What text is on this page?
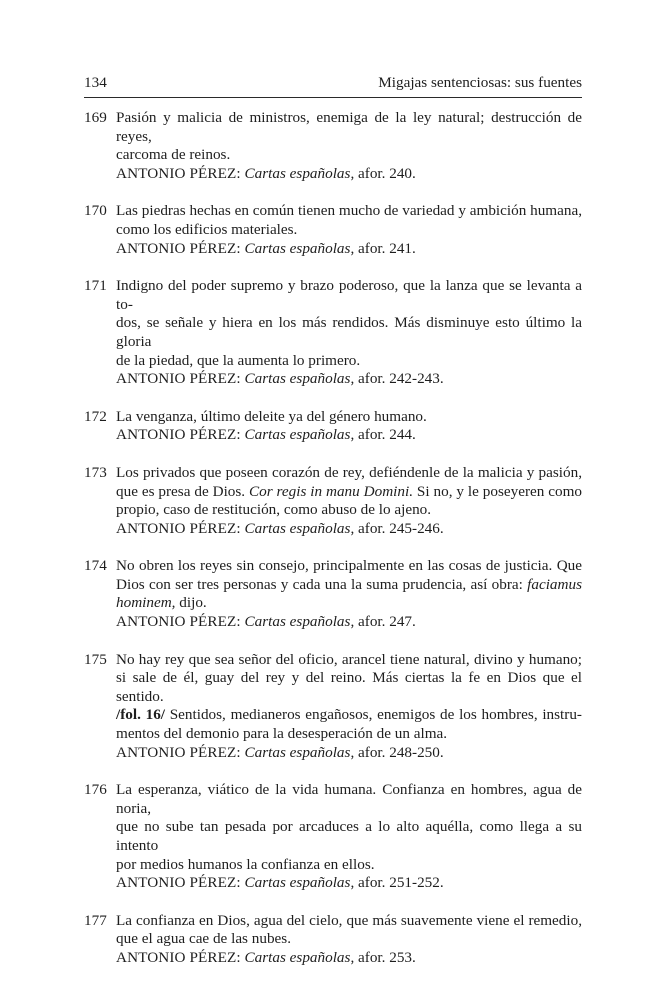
134	Migajas sentenciosas: sus fuentes
169 Pasión y malicia de ministros, enemiga de la ley natural; destrucción de reyes,
carcoma de reinos.
ANTONIO PÉREZ: Cartas españolas, afor. 240.
170 Las piedras hechas en común tienen mucho de variedad y ambición humana,
como los edificios materiales.
ANTONIO PÉREZ: Cartas españolas, afor. 241.
171 Indigno del poder supremo y brazo poderoso, que la lanza que se levanta a to-
dos, se señale y hiera en los más rendidos. Más disminuye esto último la gloria
de la piedad, que la aumenta lo primero.
ANTONIO PÉREZ: Cartas españolas, afor. 242-243.
172 La venganza, último deleite ya del género humano.
ANTONIO PÉREZ: Cartas españolas, afor. 244.
173 Los privados que poseen corazón de rey, defiéndenle de la malicia y pasión,
que es presa de Dios. Cor regis in manu Domini. Si no, y le poseyeren como
propio, caso de restitución, como abuso de lo ajeno.
ANTONIO PÉREZ: Cartas españolas, afor. 245-246.
174 No obren los reyes sin consejo, principalmente en las cosas de justicia. Que
Dios con ser tres personas y cada una la suma prudencia, así obra: faciamus
hominem, dijo.
ANTONIO PÉREZ: Cartas españolas, afor. 247.
175 No hay rey que sea señor del oficio, arancel tiene natural, divino y humano;
si sale de él, guay del rey y del reino. Más ciertas la fe en Dios que el sentido.
/fol. 16/ Sentidos, medianeros engañosos, enemigos de los hombres, instru-
mentos del demonio para la desesperación de un alma.
ANTONIO PÉREZ: Cartas españolas, afor. 248-250.
176 La esperanza, viático de la vida humana. Confianza en hombres, agua de noria,
que no sube tan pesada por arcaduces a lo alto aquélla, como llega a su intento
por medios humanos la confianza en ellos.
ANTONIO PÉREZ: Cartas españolas, afor. 251-252.
177 La confianza en Dios, agua del cielo, que más suavemente viene el remedio,
que el agua cae de las nubes.
ANTONIO PÉREZ: Cartas españolas, afor. 253.
